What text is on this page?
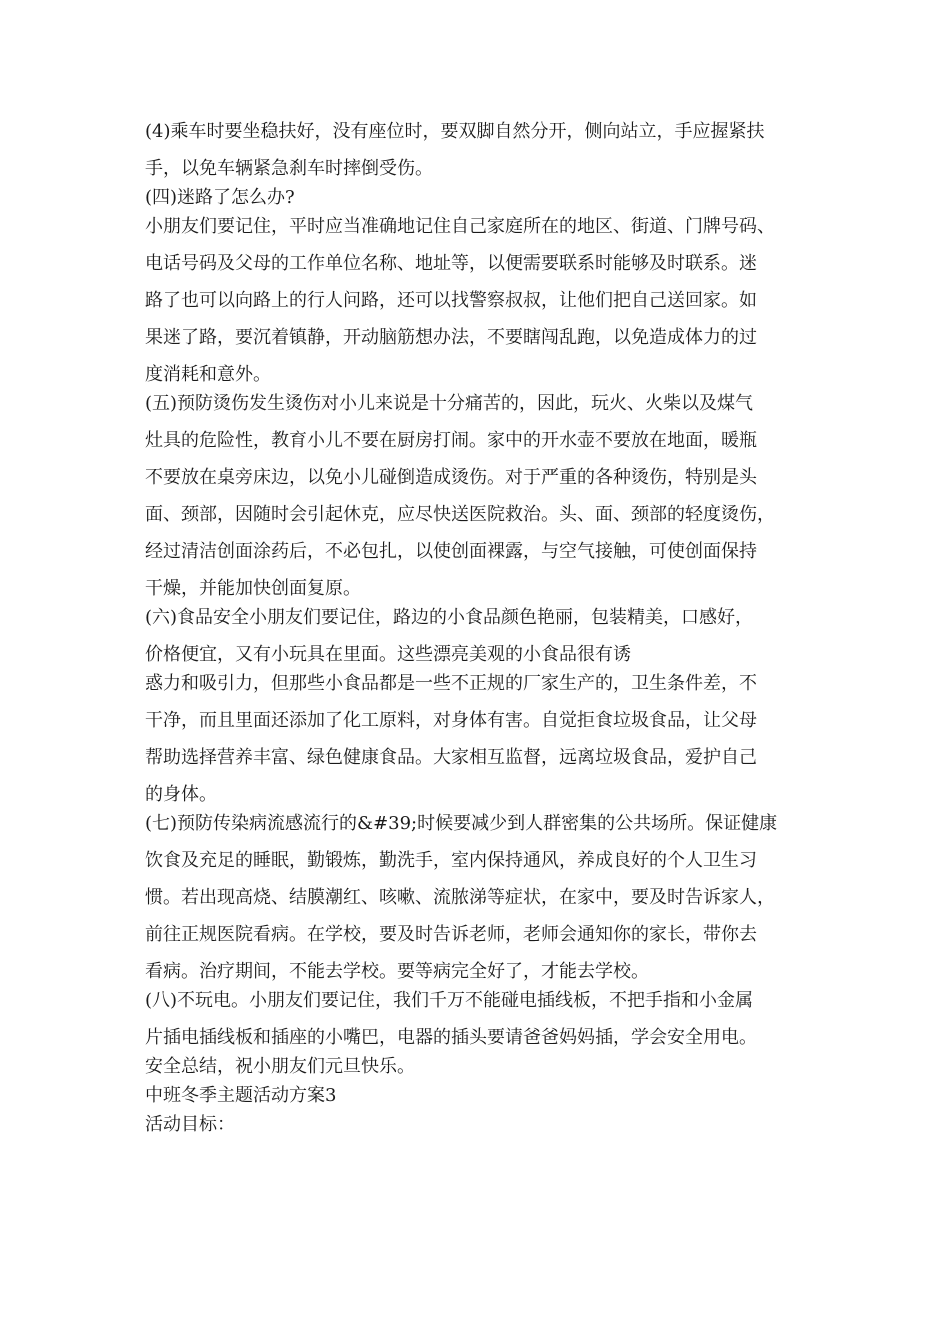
(4)乘车时要坐稳扶好，没有座位时，要双脚自然分开，侧向站立，手应握紧扶
手，以免车辆紧急刹车时摔倒受伤。
(四)迷路了怎么办?
小朋友们要记住，平时应当准确地记住自己家庭所在的地区、街道、门牌号码、
电话号码及父母的工作单位名称、地址等，以便需要联系时能够及时联系。迷
路了也可以向路上的行人问路，还可以找警察叔叔，让他们把自己送回家。如
果迷了路，要沉着镇静，开动脑筋想办法，不要瞎闯乱跑，以免造成体力的过
度消耗和意外。
(五)预防烫伤发生烫伤对小儿来说是十分痛苦的，因此，玩火、火柴以及煤气
灶具的危险性，教育小儿不要在厨房打闹。家中的开水壶不要放在地面，暖瓶
不要放在桌旁床边，以免小儿碰倒造成烫伤。对于严重的各种烫伤，特别是头
面、颈部，因随时会引起休克，应尽快送医院救治。头、面、颈部的轻度烫伤，
经过清洁创面涂药后，不必包扎，以使创面裸露，与空气接触，可使创面保持
干燥，并能加快创面复原。
(六)食品安全小朋友们要记住，路边的小食品颜色艳丽，包装精美，口感好，
价格便宜，又有小玩具在里面。这些漂亮美观的小食品很有诱
惑力和吸引力，但那些小食品都是一些不正规的厂家生产的，卫生条件差，不
干净，而且里面还添加了化工原料，对身体有害。自觉拒食垃圾食品，让父母
帮助选择营养丰富、绿色健康食品。大家相互监督，远离垃圾食品，爱护自己
的身体。
(七)预防传染病流感流行的&#39;时候要减少到人群密集的公共场所。保证健康
饮食及充足的睡眠，勤锻炼，勤洗手，室内保持通风，养成良好的个人卫生习
惯。若出现高烧、结膜潮红、咳嗽、流脓涕等症状，在家中，要及时告诉家人，
前往正规医院看病。在学校，要及时告诉老师，老师会通知你的家长，带你去
看病。治疗期间，不能去学校。要等病完全好了，才能去学校。
(八)不玩电。小朋友们要记住，我们千万不能碰电插线板，不把手指和小金属
片插电插线板和插座的小嘴巴，电器的插头要请爸爸妈妈插，学会安全用电。
安全总结，祝小朋友们元旦快乐。
中班冬季主题活动方案3
活动目标：
